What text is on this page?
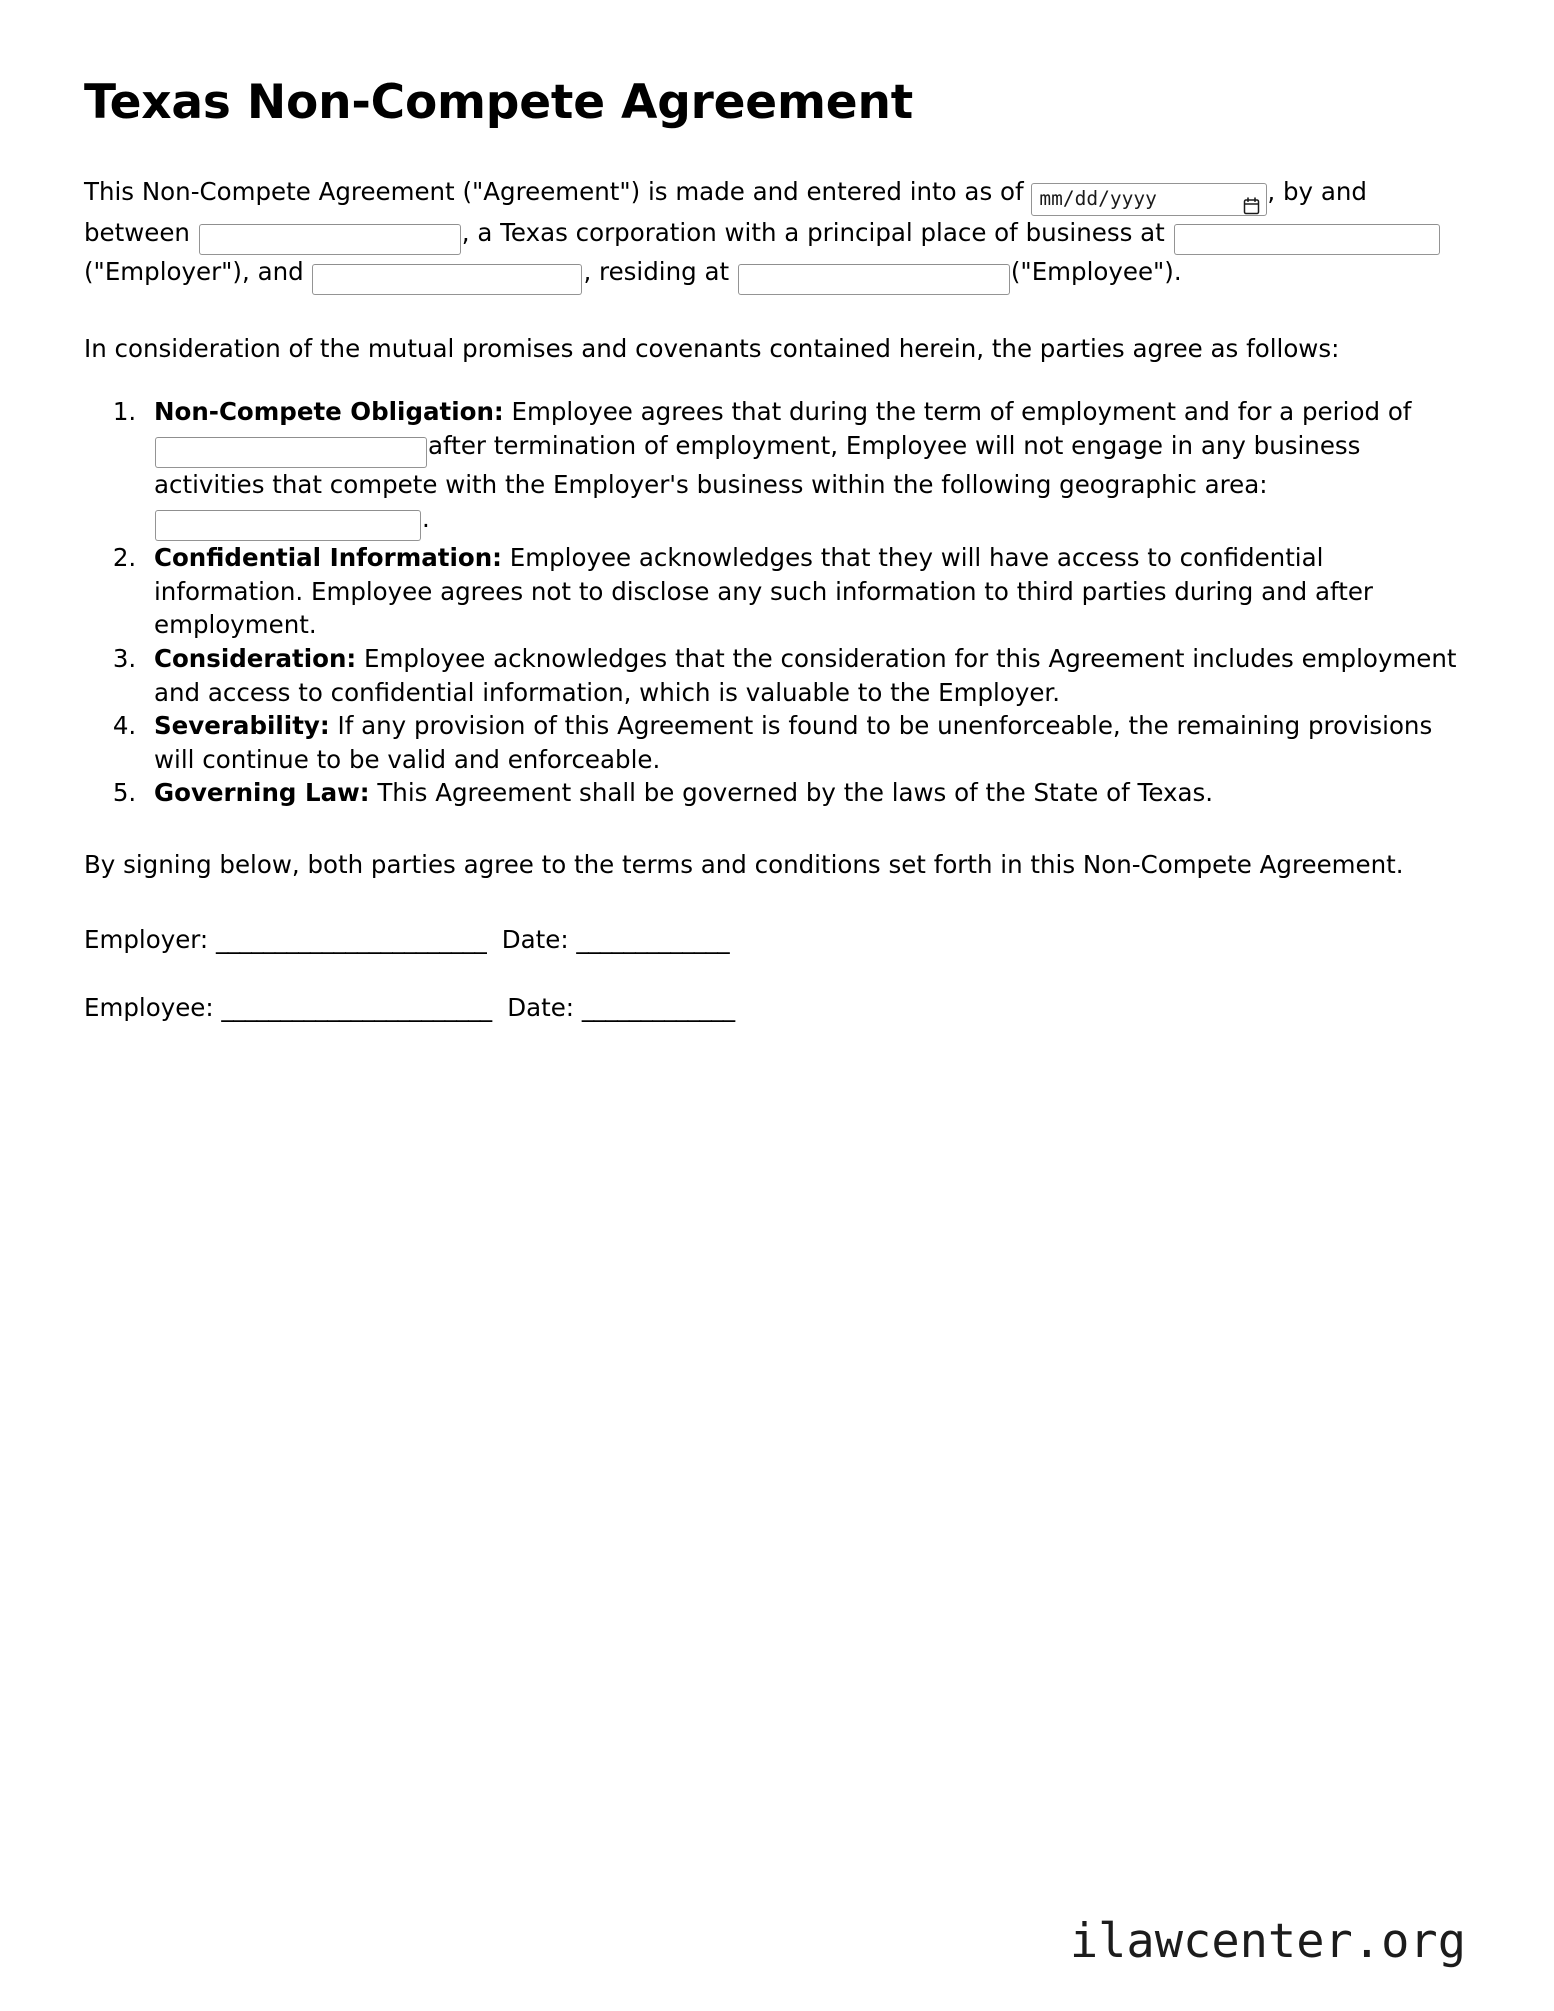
Texas Non-Compete Agreement

This Non-Compete Agreement ("Agreement") is made and entered into as of mm/dd/yyyy	, by and between	, a Texas corporation with a principal place of business at ("Employer"), and	, residing at	("Employee").

In consideration of the mutual promises and covenants contained herein, the parties agree as follows:

1. Non-Compete Obligation: Employee agrees that during the term of employment and for a period of after termination of employment, Employee will not engage in any business activities that compete with the Employer's business within the following geographic area: .
2. Confidential Information: Employee acknowledges that they will have access to confidential information. Employee agrees not to disclose any such information to third parties during and after employment.
3. Consideration: Employee acknowledges that the consideration for this Agreement includes employment and access to confidential information, which is valuable to the Employer.
4. Severability: If any provision of this Agreement is found to be unenforceable, the remaining provisions will continue to be valid and enforceable.
5. Governing Law: This Agreement shall be governed by the laws of the State of Texas.

By signing below, both parties agree to the terms and conditions set forth in this Non-Compete Agreement.

Employer: _______________________  Date: _____________
Employee: _______________________  Date: _____________
ilawcenter.org
